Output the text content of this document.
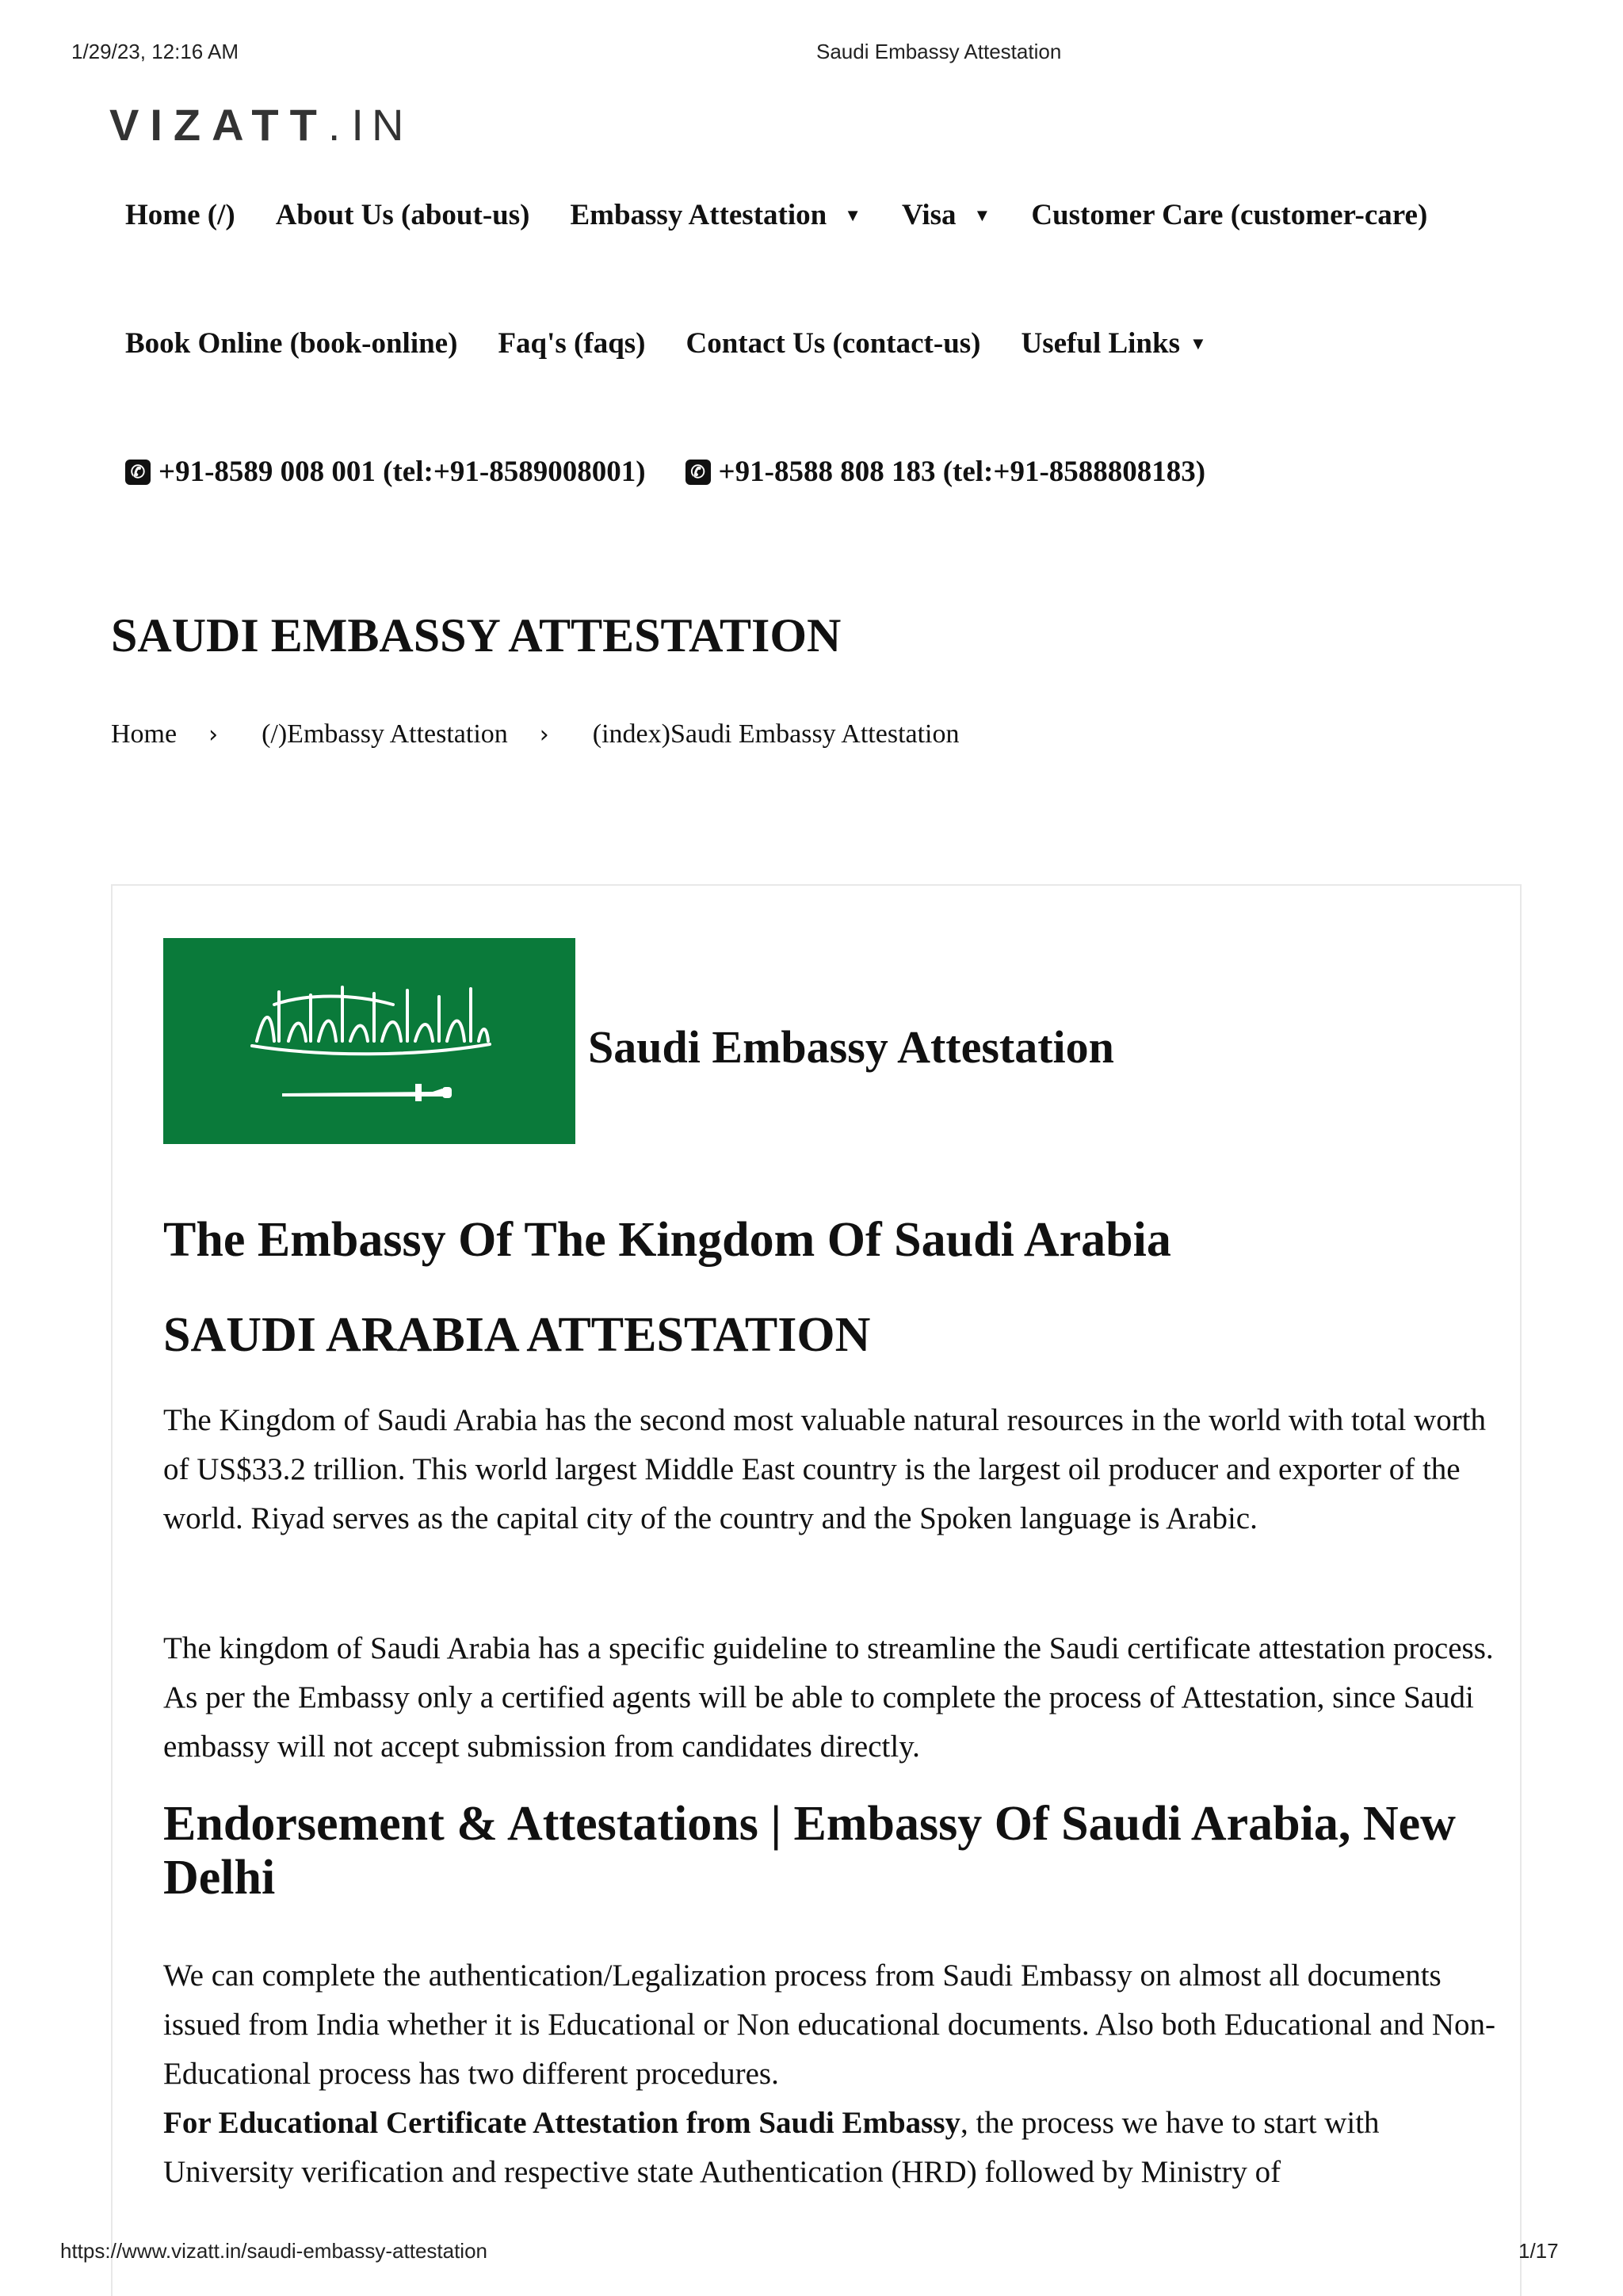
1/29/23, 12:16 AM	Saudi Embassy Attestation
VIZATT.IN
Home (/) About Us (about-us) Embassy Attestation ▼ Visa ▼ Customer Care (customer-care)
Book Online (book-online) Faq's (faqs) Contact Us (contact-us) Useful Links ▼
✆ +91-8589 008 001 (tel:+91-8589008001)	✆ +91-8588 808 183 (tel:+91-8588808183)
SAUDI EMBASSY ATTESTATION
Home › (/)Embassy Attestation › (index)Saudi Embassy Attestation
Saudi Embassy Attestation
The Embassy Of The Kingdom Of Saudi Arabia
SAUDI ARABIA ATTESTATION

The Kingdom of Saudi Arabia has the second most valuable natural resources in the world with total worth of US$33.2 trillion. This world largest Middle East country is the largest oil producer and exporter of the world. Riyad serves as the capital city of the country and the Spoken language is Arabic.

The kingdom of Saudi Arabia has a specific guideline to streamline the Saudi certificate attestation process. As per the Embassy only a certified agents will be able to complete the process of Attestation, since Saudi embassy will not accept submission from candidates directly.

Endorsement & Attestations | Embassy Of Saudi Arabia, New Delhi

We can complete the authentication/Legalization process from Saudi Embassy on almost all documents issued from India whether it is Educational or Non educational documents. Also both Educational and Non-Educational process has two different procedures.

For Educational Certificate Attestation from Saudi Embassy, the process we have to start with University verification and respective state Authentication (HRD) followed by Ministry of

https://www.vizatt.in/saudi-embassy-attestation	1/17
